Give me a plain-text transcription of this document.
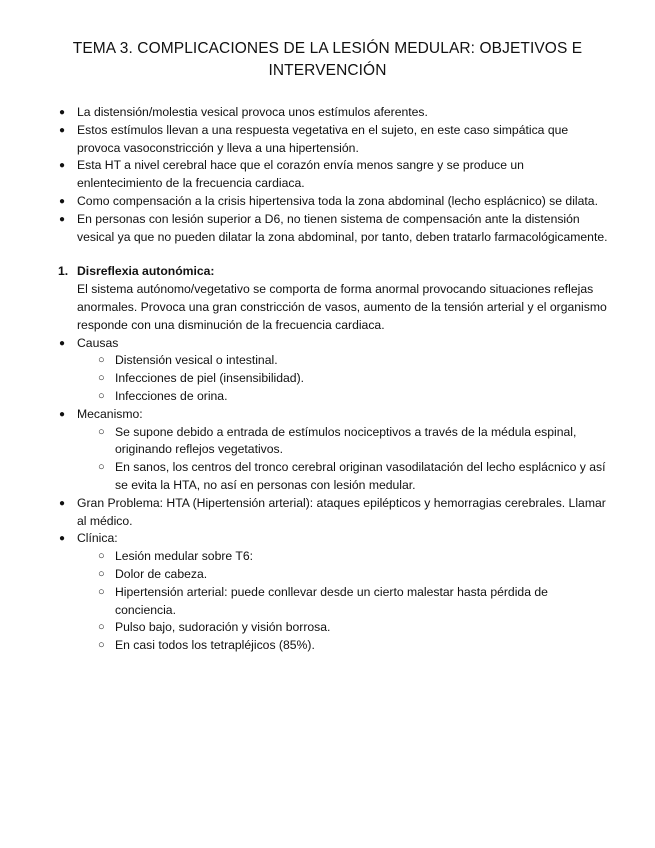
TEMA 3. COMPLICACIONES DE LA LESIÓN MEDULAR: OBJETIVOS E
INTERVENCIÓN
● La distensión/molestia vesical provoca unos estímulos aferentes.
● Estos estímulos llevan a una respuesta vegetativa en el sujeto, en este caso simpática que provoca vasoconstricción y lleva a una hipertensión.
● Esta HT a nivel cerebral hace que el corazón envía menos sangre y se produce un enlentecimiento de la frecuencia cardiaca.
● Como compensación a la crisis hipertensiva toda la zona abdominal (lecho esplácnico) se dilata.
● En personas con lesión superior a D6, no tienen sistema de compensación ante la distensión vesical ya que no pueden dilatar la zona abdominal, por tanto, deben tratarlo farmacológicamente.
1. Disreflexia autonómica:
El sistema autónomo/vegetativo se comporta de forma anormal provocando situaciones reflejas anormales. Provoca una gran constricción de vasos, aumento de la tensión arterial y el organismo responde con una disminución de la frecuencia cardiaca.
● Causas
○ Distensión vesical o intestinal.
○ Infecciones de piel (insensibilidad).
○ Infecciones de orina.
● Mecanismo:
○ Se supone debido a entrada de estímulos nociceptivos a través de la médula espinal, originando reflejos vegetativos.
○ En sanos, los centros del tronco cerebral originan vasodilatación del lecho esplácnico y así se evita la HTA, no así en personas con lesión medular.
● Gran Problema: HTA (Hipertensión arterial): ataques epilépticos y hemorragias cerebrales. Llamar al médico.
● Clínica:
○ Lesión medular sobre T6:
○ Dolor de cabeza.
○ Hipertensión arterial: puede conllevar desde un cierto malestar hasta pérdida de conciencia.
○ Pulso bajo, sudoración y visión borrosa.
○ En casi todos los tetrapléjicos (85%).
